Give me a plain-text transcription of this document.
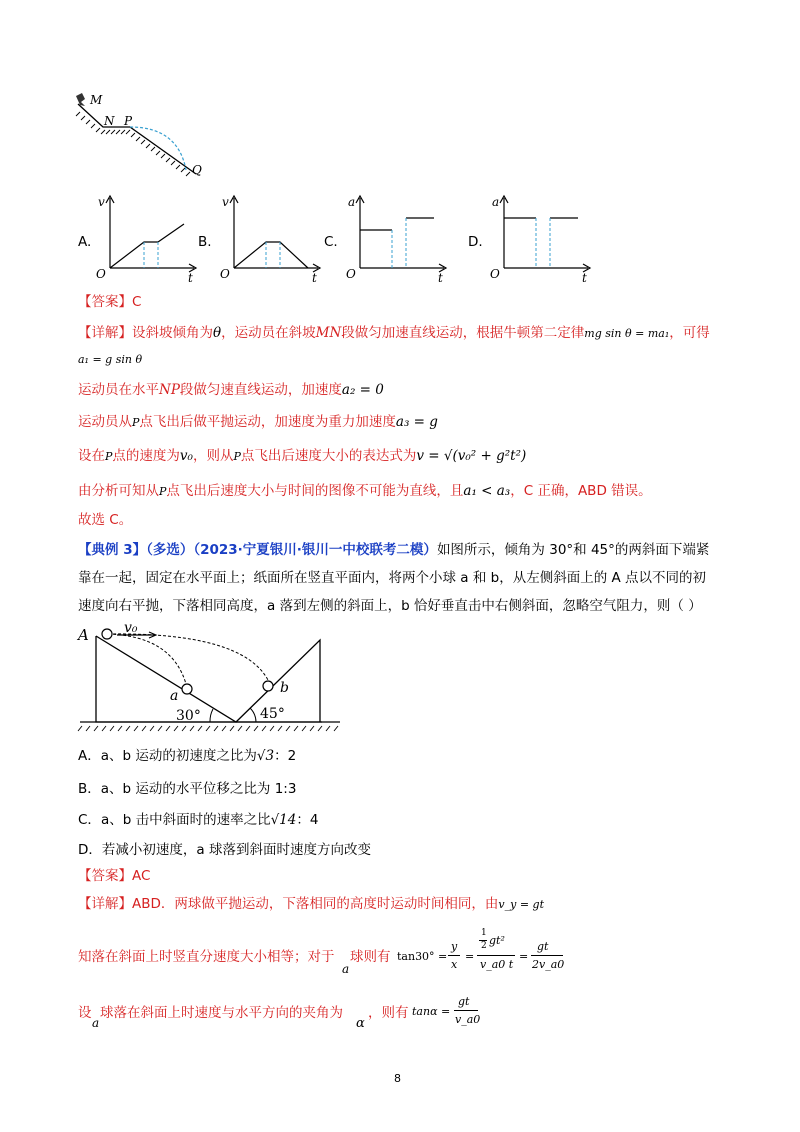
M
N P
Q
A.
v
O	t
B.
v
O	t
C.
a
O	t
D.
a
O	t
【答案】C
【详解】设斜坡倾角为θ，运动员在斜坡MN段做匀加速直线运动，根据牛顿第二定律mg sin θ = ma₁，可得
a₁ = g sin θ
运动员在水平NP段做匀速直线运动，加速度a₂ = 0
运动员从P点飞出后做平抛运动，加速度为重力加速度a₃ = g
设在P点的速度为v₀，则从P点飞出后速度大小的表达式为v = √(v₀² + g²t²)
由分析可知从P点飞出后速度大小与时间的图像不可能为直线，且a₁ < a₃，C 正确，ABD 错误。
故选 C。
【典例 3】（多选）（2023·宁夏银川·银川一中校联考二模）如图所示，倾角为 30°和 45°的两斜面下端紧
靠在一起，固定在水平面上；纸面所在竖直平面内，将两个小球 a 和 b，从左侧斜面上的 A 点以不同的初
速度向右平抛，下落相同高度，a 落到左侧的斜面上，b 恰好垂直击中右侧斜面，忽略空气阻力，则（ ）
A	v₀
a	b
30°	45°
A．a、b 运动的初速度之比为√3：2
B．a、b 运动的水平位移之比为 1:3
C．a、b 击中斜面时的速率之比√14：4
D．若减小初速度，a 球落到斜面时速度方向改变
【答案】AC
【详解】ABD．两球做平抛运动，下落相同的高度时运动时间相同，由v_y = gt
知落在斜面上时竖直分速度大小相等；对于
a
球则有 tan30° =
y
x
=
1
2 gt²
v_a0 t
=
gt
2v_a0
设
a
球落在斜面上时速度与水平方向的夹角为
α
，则有 tanα =
gt
v_a0
8
